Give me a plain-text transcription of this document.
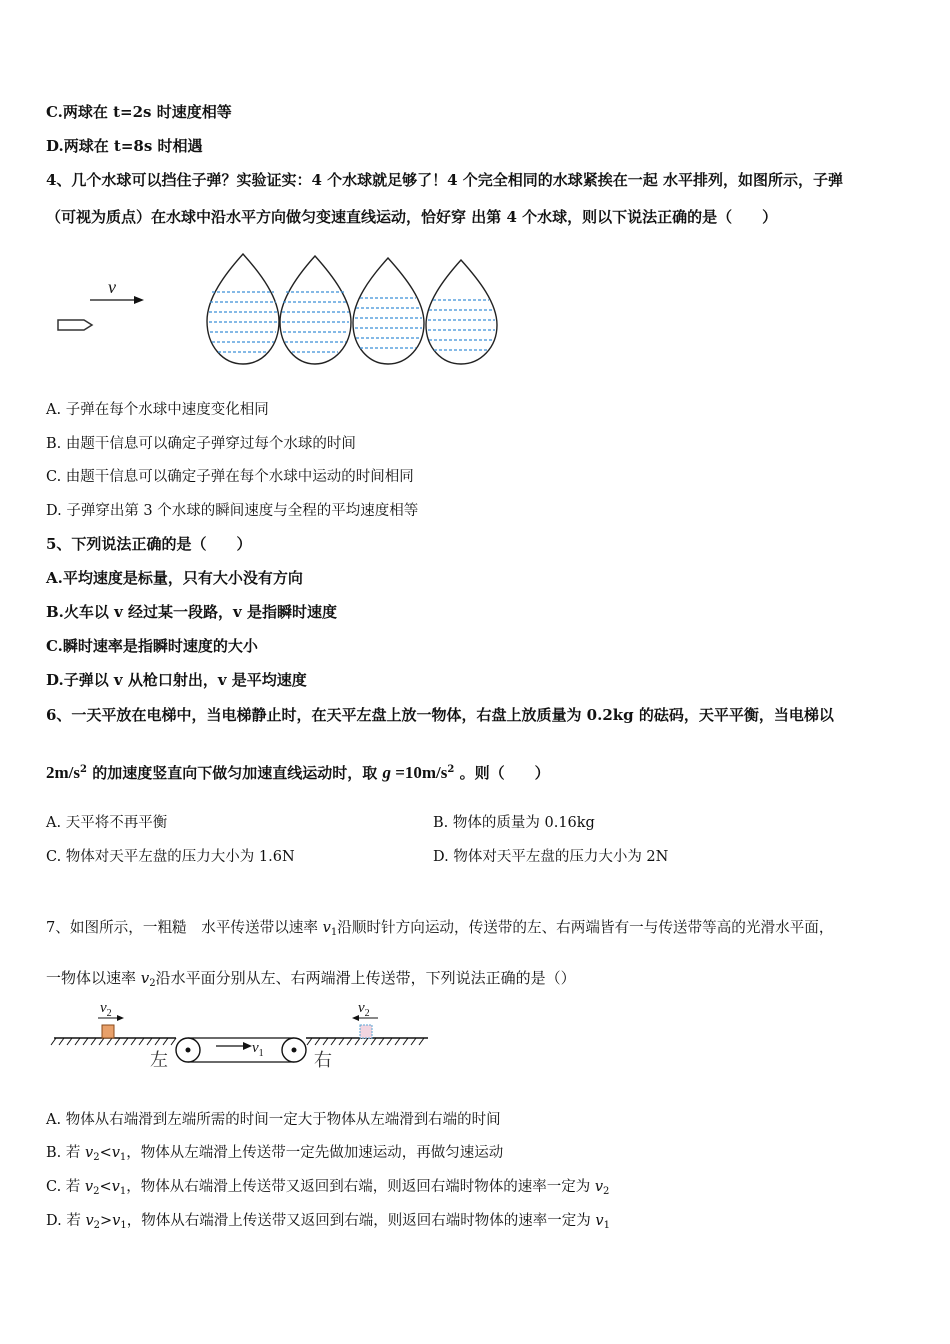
C.两球在 t=2s 时速度相等
D.两球在 t=8s 时相遇
4、几个水球可以挡住子弹？实验证实：4 个水球就足够了！4 个完全相同的水球紧挨在一起 水平排列，如图所示，子弹
（可视为质点）在水球中沿水平方向做匀变速直线运动，恰好穿 出第 4 个水球，则以下说法正确的是（　　）
v
A. 子弹在每个水球中速度变化相同
B. 由题干信息可以确定子弹穿过每个水球的时间
C. 由题干信息可以确定子弹在每个水球中运动的时间相同
D. 子弹穿出第 3 个水球的瞬间速度与全程的平均速度相等
5、下列说法正确的是（　　）
A.平均速度是标量，只有大小没有方向
B.火车以 v 经过某一段路，v 是指瞬时速度
C.瞬时速率是指瞬时速度的大小
D.子弹以 v 从枪口射出，v 是平均速度
6、一天平放在电梯中，当电梯静止时，在天平左盘上放一物体，右盘上放质量为 0.2kg 的砝码，天平平衡，当电梯以
$2m/s^2$ 的加速度竖直向下做匀加速直线运动时，取 $g =10m/s^2$ 。则（　　）
A. 天平将不再平衡	B. 物体的质量为 0.16kg
C. 物体对天平左盘的压力大小为 1.6N	D. 物体对天平左盘的压力大小为 2N
7、如图所示，一粗糙　水平传送带以速率 $v_1$沿顺时针方向运动，传送带的左、右两端皆有一与传送带等高的光滑水平面，
一物体以速率 $v_2$沿水平面分别从左、右两端滑上传送带，下列说法正确的是（）
$v_1$
$v_2$	$v_2$
左	右
A. 物体从右端滑到左端所需的时间一定大于物体从左端滑到右端的时间
B. 若 $v_2<v_1$，物体从左端滑上传送带一定先做加速运动，再做匀速运动
C. 若 $v_2<v_1$，物体从右端滑上传送带又返回到右端，则返回右端时物体的速率一定为 $v_2$
D. 若 $v_2>v_1$，物体从右端滑上传送带又返回到右端，则返回右端时物体的速率一定为 $v_1$
